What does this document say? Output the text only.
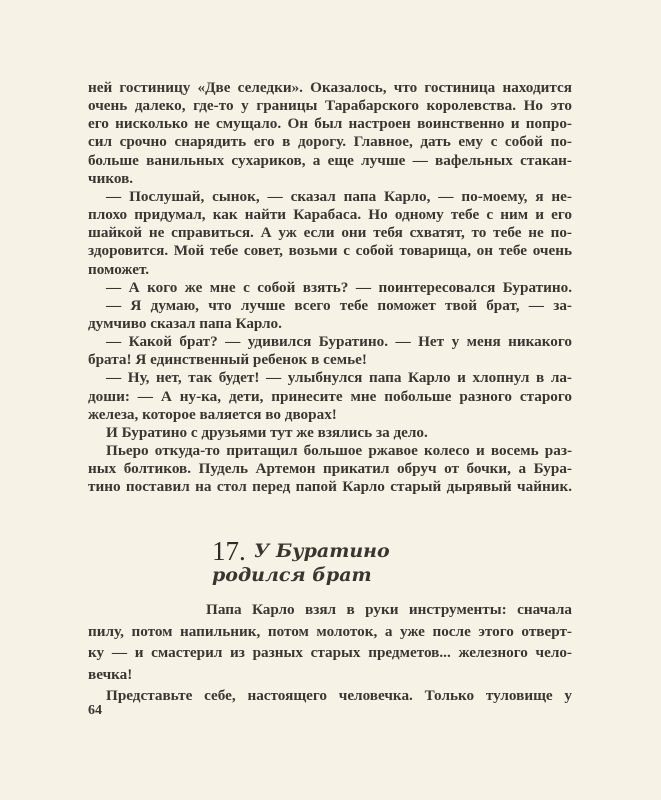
ней гостиницу «Две селедки». Оказалось, что гостиница находится
очень далеко, где-то у границы Тарабарского королевства. Но это
его нисколько не смущало. Он был настроен воинственно и попро-
сил срочно снарядить его в дорогу. Главное, дать ему с собой по-
больше ванильных сухариков, а еще лучше — вафельных стакан-
чиков.
— Послушай, сынок, — сказал папа Карло, — по-моему, я не-
плохо придумал, как найти Карабаса. Но одному тебе с ним и его
шайкой не справиться. А уж если они тебя схватят, то тебе не по-
здоровится. Мой тебе совет, возьми с собой товарища, он тебе очень
поможет.
— А кого же мне с собой взять? — поинтересовался Буратино.
— Я думаю, что лучше всего тебе поможет твой брат, — за-
думчиво сказал папа Карло.
— Какой брат? — удивился Буратино. — Нет у меня никакого
брата! Я единственный ребенок в семье!
— Ну, нет, так будет! — улыбнулся папа Карло и хлопнул в ла-
доши: — А ну-ка, дети, принесите мне побольше разного старого
железа, которое валяется во дворах!
И Буратино с друзьями тут же взялись за дело.
Пьеро откуда-то притащил большое ржавое колесо и восемь раз-
ных болтиков. Пудель Артемон прикатил обруч от бочки, а Бура-
тино поставил на стол перед папой Карло старый дырявый чайник.
17. У Буратино
родился брат
Папа Карло взял в руки инструменты: сначала
пилу, потом напильник, потом молоток, а уже после этого отверт-
ку — и смастерил из разных старых предметов... железного чело-
вечка!
Представьте себе, настоящего человечка. Только туловище у
64
